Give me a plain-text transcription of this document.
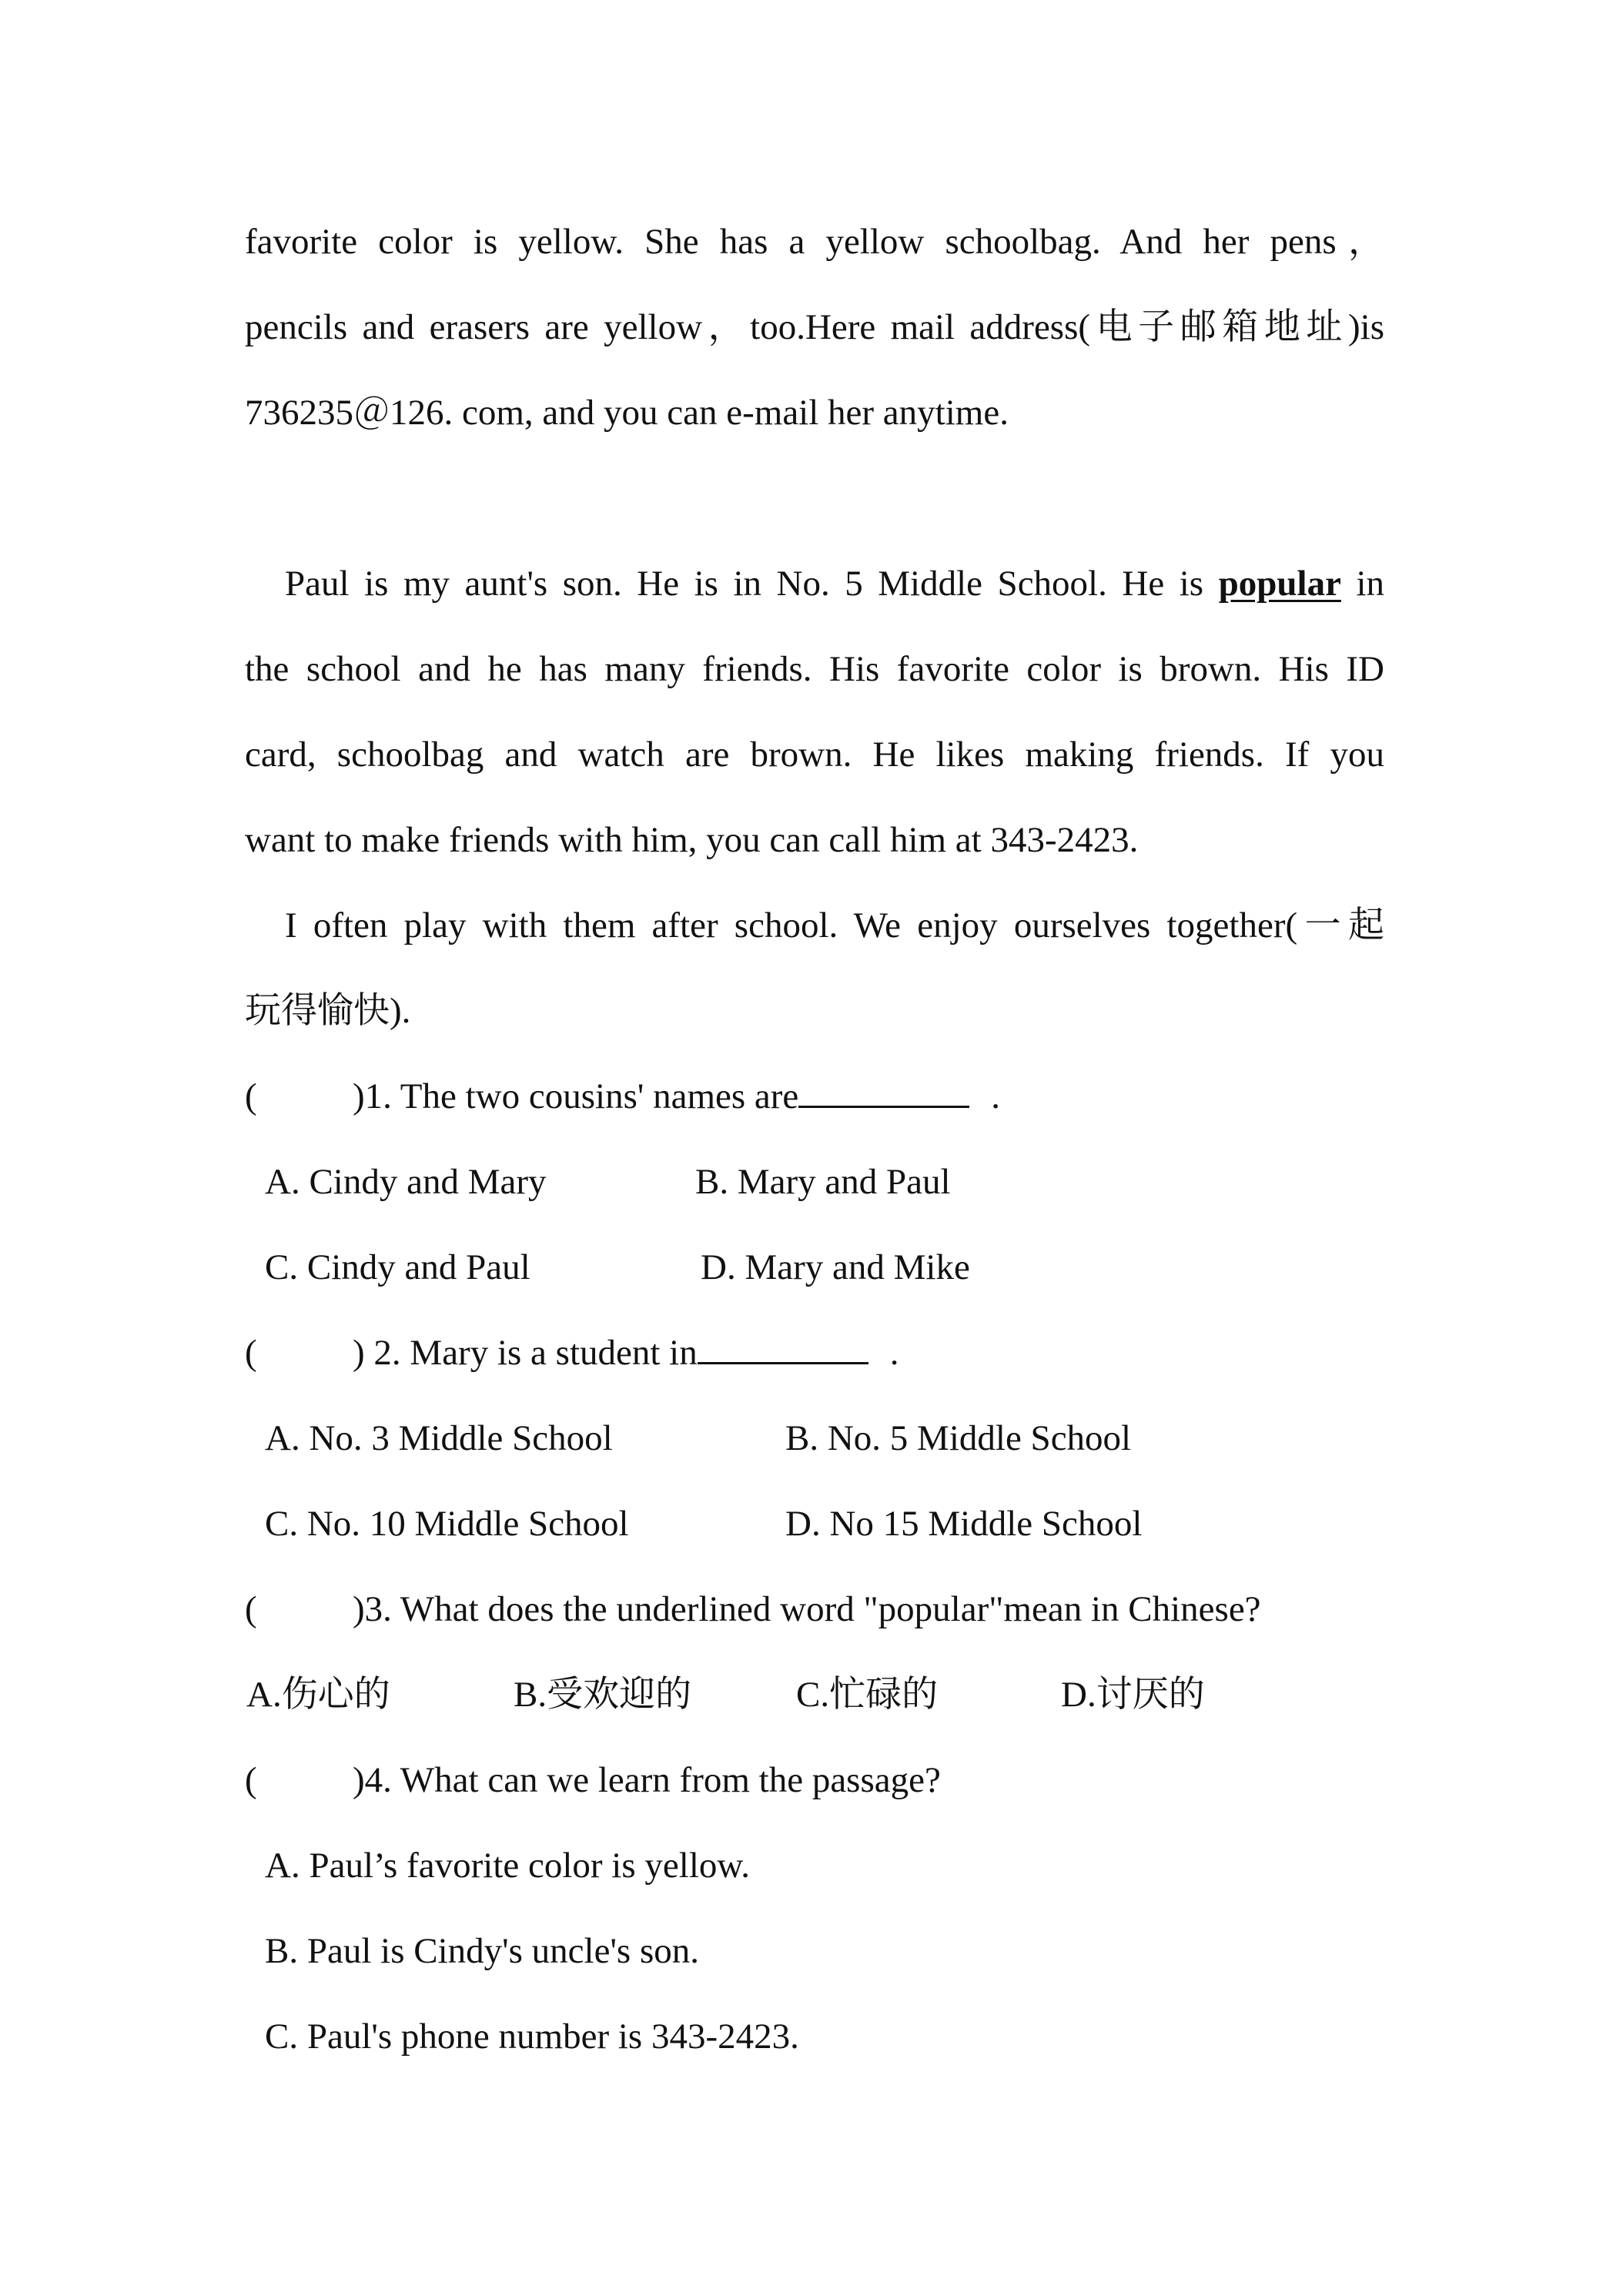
favorite color is yellow. She has a yellow schoolbag. And her pens，
pencils and erasers are yellow，too.Here mail address(电子邮箱地址)is
736235＠126. com, and you can e-mail her anytime.
Paul is my aunt's son. He is in No. 5 Middle School. He is popular in
the school and he has many friends. His favorite color is brown. His ID
card, schoolbag and watch are brown. He likes making friends. If you
want to make friends with him, you can call him at 343-2423.
I often play with them after school. We enjoy ourselves together(一起
玩得愉快).
(	)1. The two cousins' names are	.
A. Cindy and Mary	B. Mary and Paul
C. Cindy and Paul	D. Mary and Mike
(	) 2. Mary is a student in	.
A. No. 3 Middle School	B. No. 5 Middle School
C. No. 10 Middle School	D. No 15 Middle School
(	)3. What does the underlined word "popular"mean in Chinese?
A.伤心的	B.受欢迎的	C.忙碌的	D.讨厌的
(	)4. What can we learn from the passage?
A. Paul’s favorite color is yellow.
B. Paul is Cindy's uncle's son.
C. Paul's phone number is 343-2423.
